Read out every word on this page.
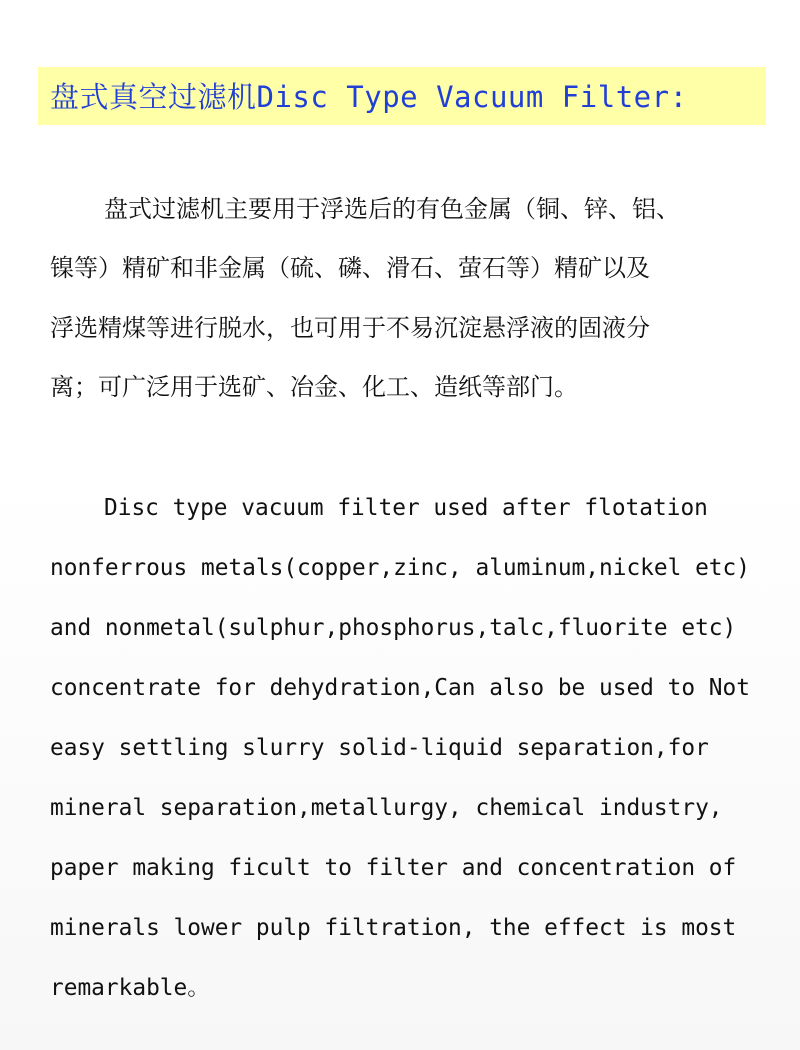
盘式真空过滤机Disc Type Vacuum Filter:
盘式过滤机主要用于浮选后的有色金属（铜、锌、铝、
镍等）精矿和非金属（硫、磷、滑石、萤石等）精矿以及
浮选精煤等进行脱水，也可用于不易沉淀悬浮液的固液分
离；可广泛用于选矿、冶金、化工、造纸等部门。
Disc type vacuum filter used after flotation
nonferrous metals(copper,zinc, aluminum,nickel etc)
and nonmetal(sulphur,phosphorus,talc,fluorite etc)
concentrate for dehydration,Can also be used to Not
easy settling slurry solid-liquid separation,for
mineral separation,metallurgy, chemical industry,
paper making ficult to filter and concentration of
minerals lower pulp filtration, the effect is most
remarkable。
